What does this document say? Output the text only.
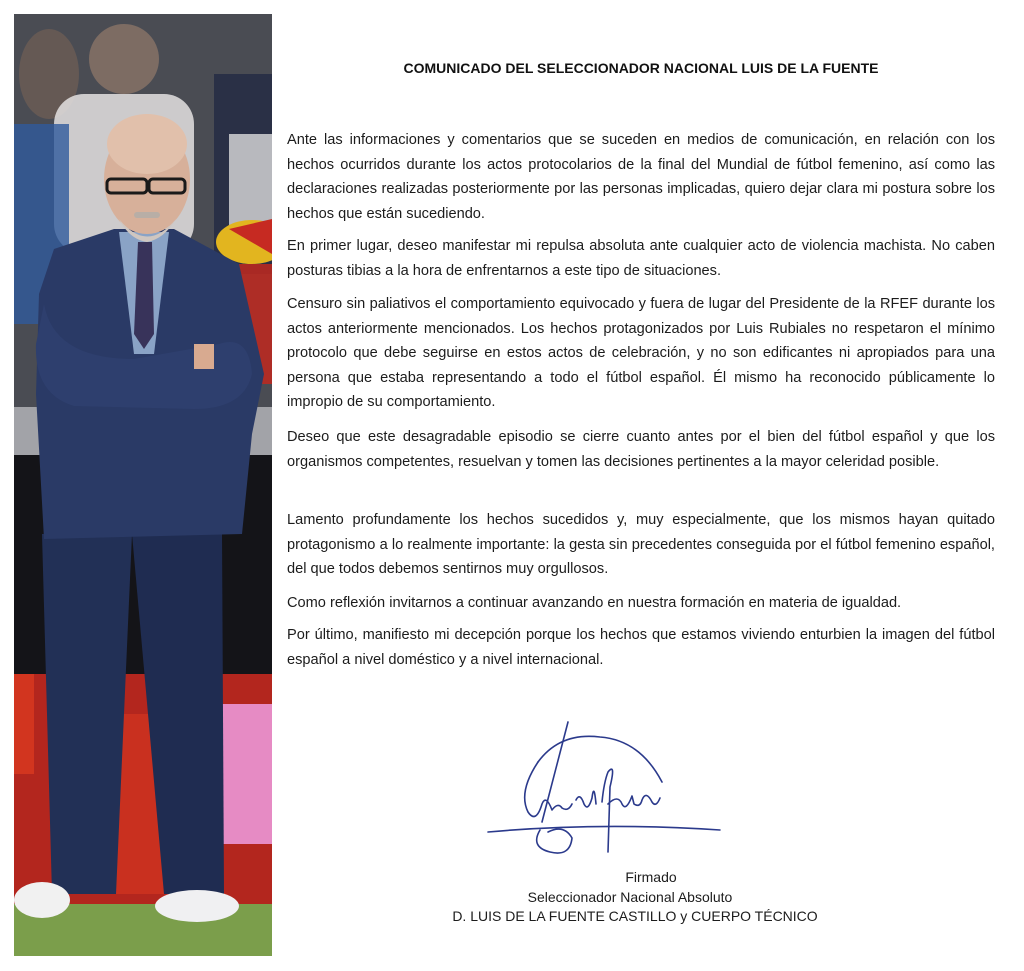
COMUNICADO DEL SELECCIONADOR NACIONAL LUIS DE LA FUENTE

Ante las informaciones y comentarios que se suceden en medios de comunicación, en relación con los hechos ocurridos durante los actos protocolarios de la final del Mundial de fútbol femenino, así como las declaraciones realizadas posteriormente por las personas implicadas, quiero dejar clara mi postura sobre los hechos que están sucediendo.

En primer lugar, deseo manifestar mi repulsa absoluta ante cualquier acto de violencia machista. No caben posturas tibias a la hora de enfrentarnos a este tipo de situaciones.

Censuro sin paliativos el comportamiento equivocado y fuera de lugar del Presidente de la RFEF durante los actos anteriormente mencionados. Los hechos protagonizados por Luis Rubiales no respetaron el mínimo protocolo que debe seguirse en estos actos de celebración, y no son edificantes ni apropiados para una persona que estaba representando a todo el fútbol español. Él mismo ha reconocido públicamente lo impropio de su comportamiento.

Deseo que este desagradable episodio se cierre cuanto antes por el bien del fútbol español y que los organismos competentes, resuelvan y tomen las decisiones pertinentes a la mayor celeridad posible.

Lamento profundamente los hechos sucedidos y, muy especialmente, que los mismos hayan quitado protagonismo a lo realmente importante: la gesta sin precedentes conseguida por el fútbol femenino español, del que todos debemos sentirnos muy orgullosos.

Como reflexión invitarnos a continuar avanzando en nuestra formación en materia de igualdad.

Por último, manifiesto mi decepción porque los hechos que estamos viviendo enturbien la imagen del fútbol español a nivel doméstico y a nivel internacional.

Firmado
Seleccionador Nacional Absoluto
D. LUIS DE LA FUENTE CASTILLO y CUERPO TÉCNICO
